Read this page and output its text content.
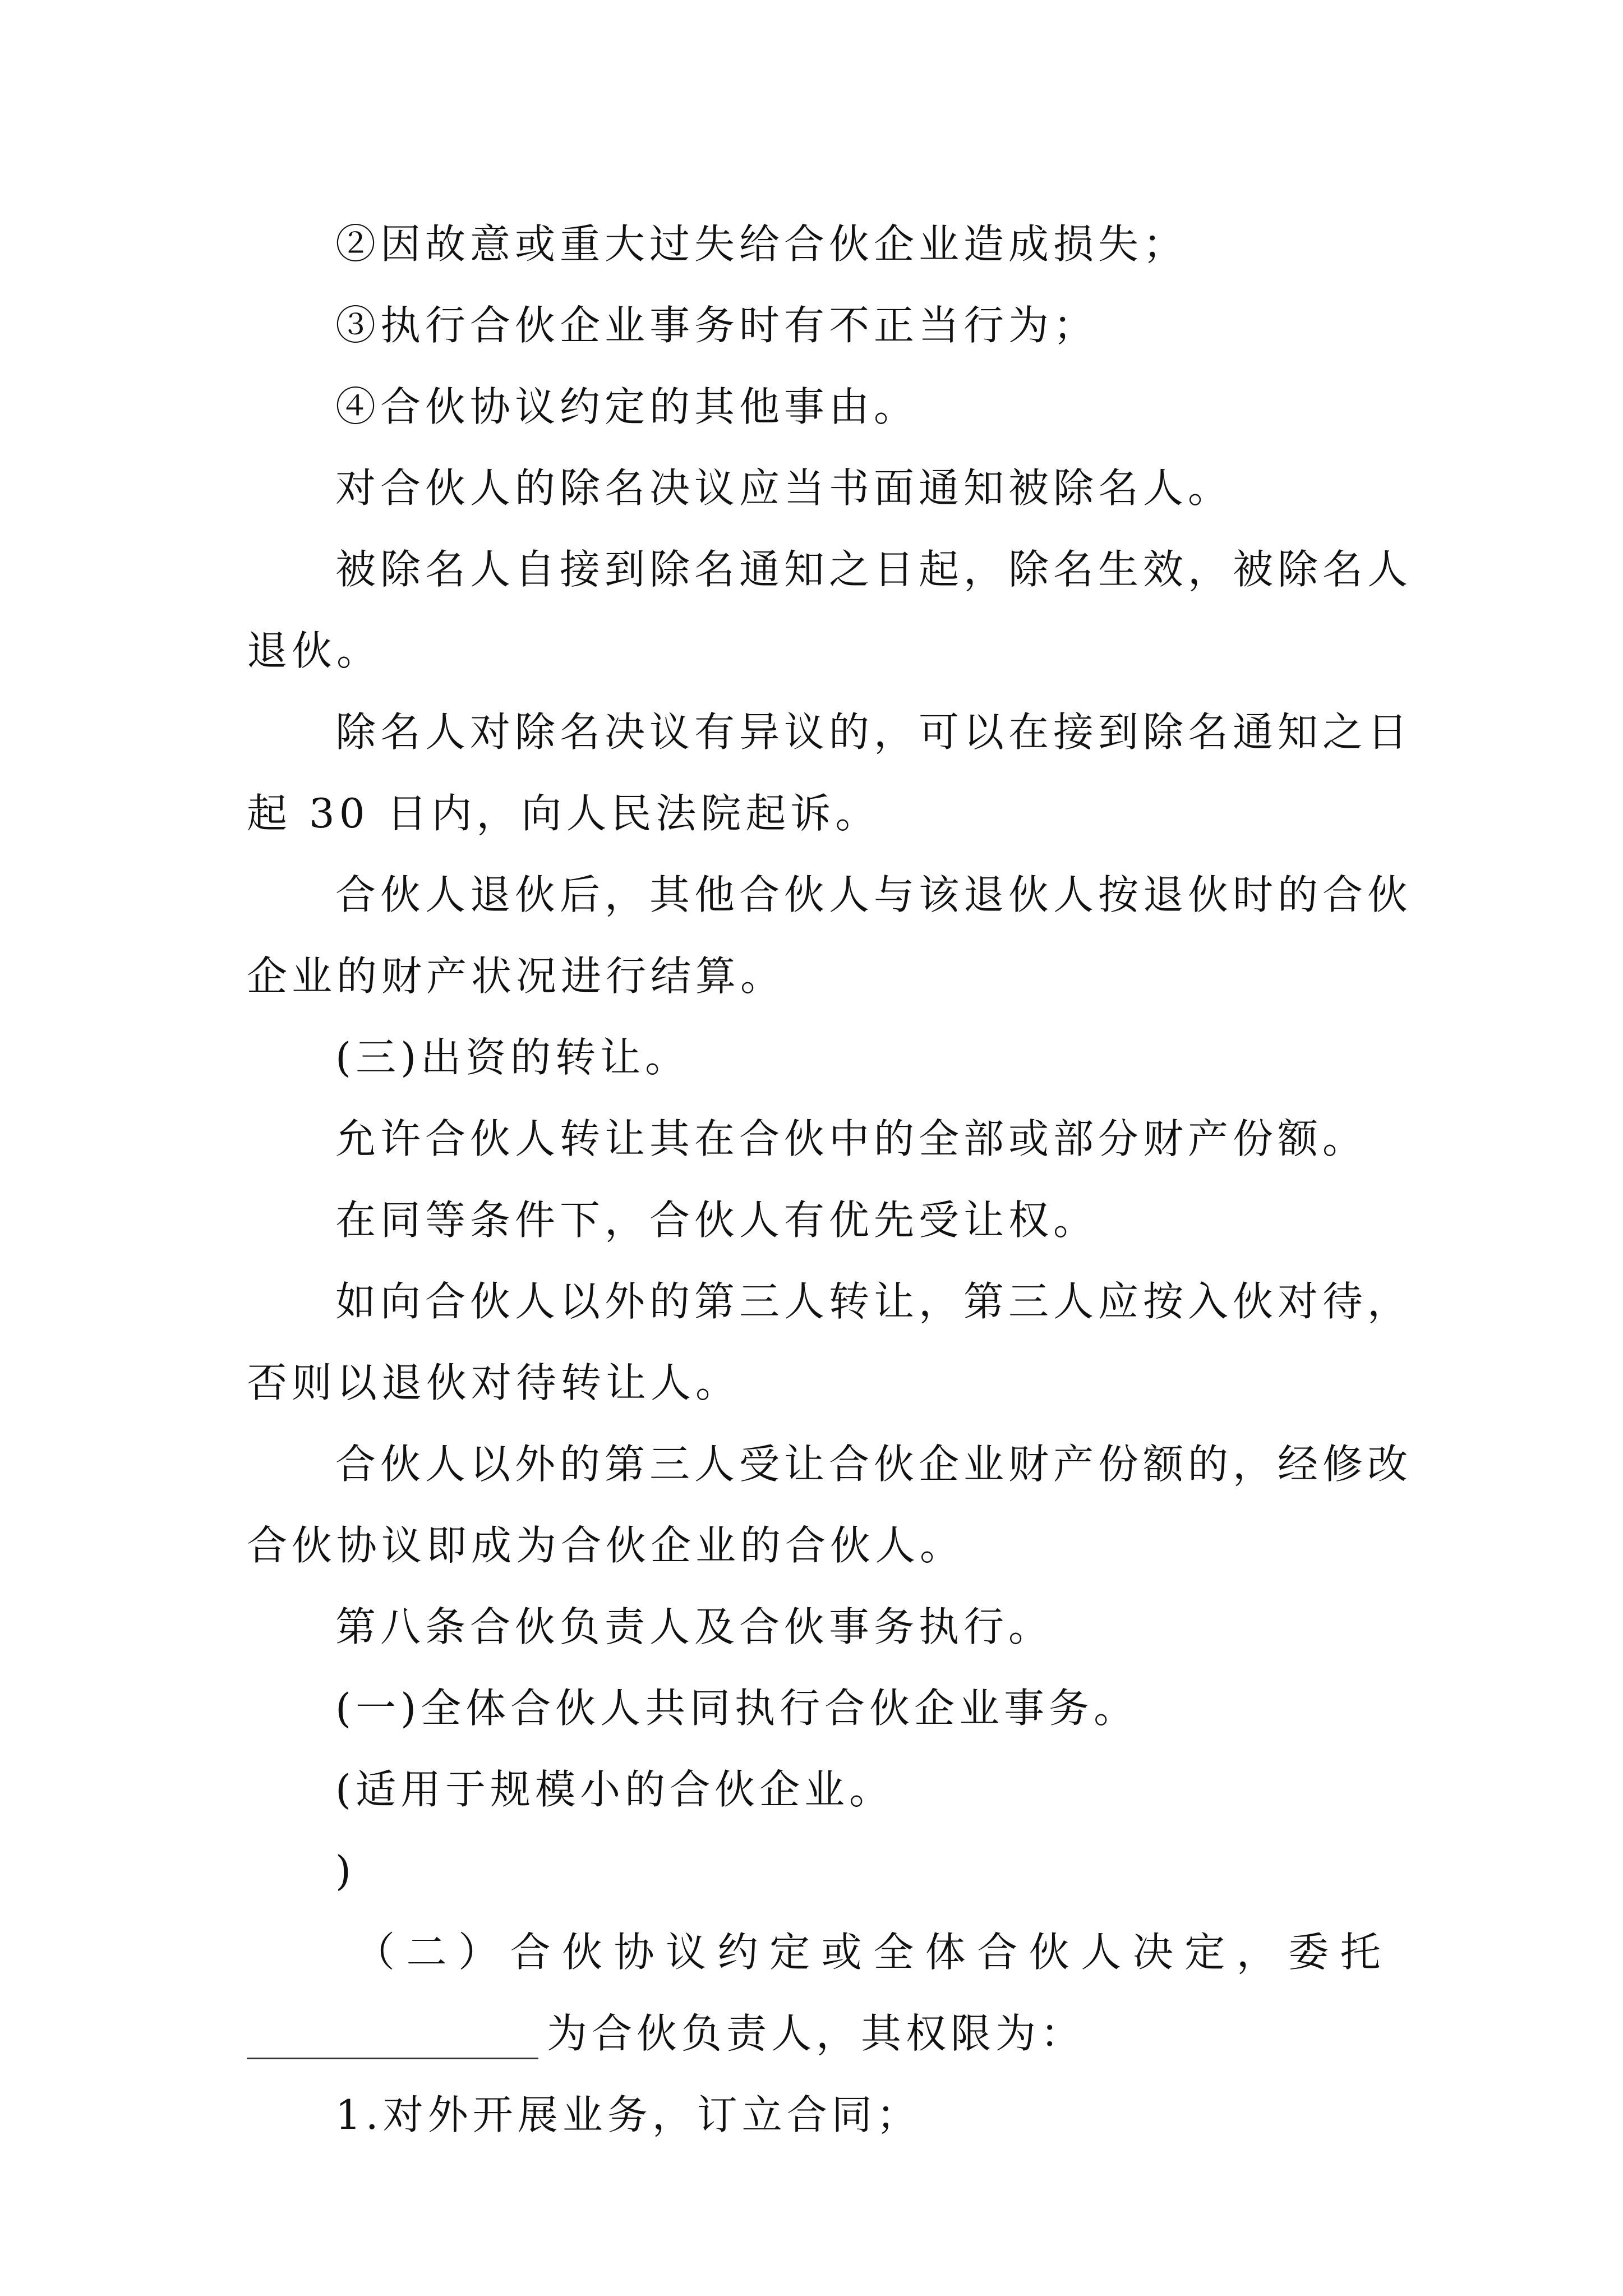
②因故意或重大过失给合伙企业造成损失；
③执行合伙企业事务时有不正当行为；
④合伙协议约定的其他事由。
对合伙人的除名决议应当书面通知被除名人。
被除名人自接到除名通知之日起，除名生效，被除名人
退伙。
除名人对除名决议有异议的，可以在接到除名通知之日
起 30 日内，向人民法院起诉。
合伙人退伙后，其他合伙人与该退伙人按退伙时的合伙
企业的财产状况进行结算。
(三)出资的转让。
允许合伙人转让其在合伙中的全部或部分财产份额。
在同等条件下，合伙人有优先受让权。
如向合伙人以外的第三人转让，第三人应按入伙对待，
否则以退伙对待转让人。
合伙人以外的第三人受让合伙企业财产份额的，经修改
合伙协议即成为合伙企业的合伙人。
第八条合伙负责人及合伙事务执行。
(一)全体合伙人共同执行合伙企业事务。
(适用于规模小的合伙企业。
)
（ 二 ） 合 伙 协 议 约 定 或 全 体 合 伙 人 决 定 ， 委 托
为合伙负责人，其权限为：
1.对外开展业务，订立合同；
